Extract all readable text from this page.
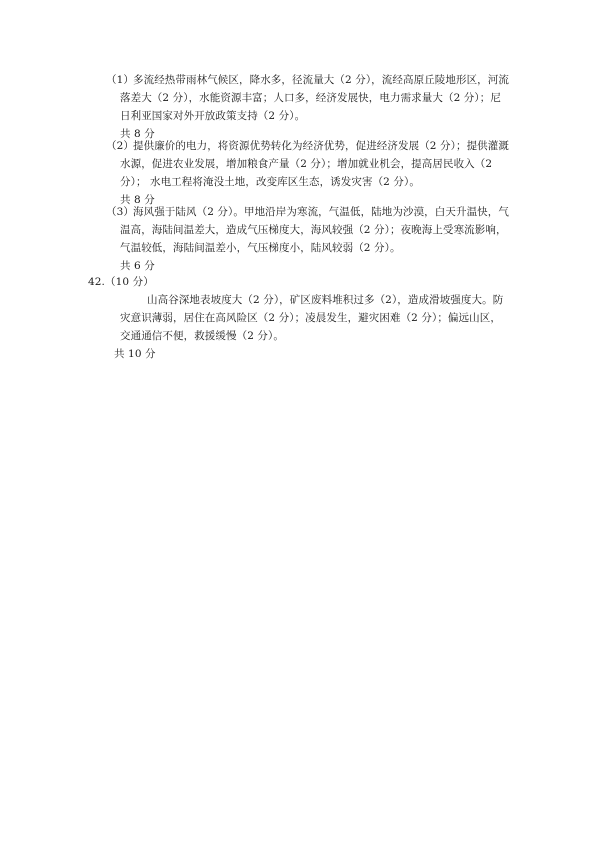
（1） 多流经热带雨林气候区，降水多，径流量大（2 分），流经高原丘陵地形区，河流
落差大（2 分），水能资源丰富；人口多，经济发展快，电力需求量大（2 分）；尼
日利亚国家对外开放政策支持（2 分）。
共 8 分
（2） 提供廉价的电力，将资源优势转化为经济优势，促进经济发展（2 分）；提供灌溉
水源，促进农业发展，增加粮食产量（2 分）；增加就业机会，提高居民收入（2
分）； 水电工程将淹没土地，改变库区生态，诱发灾害（2 分）。
共 8 分
（3） 海风强于陆风（2 分）。甲地沿岸为寒流，气温低，陆地为沙漠，白天升温快，气
温高，海陆间温差大，造成气压梯度大，海风较强（2 分）；夜晚海上受寒流影响，
气温较低，海陆间温差小，气压梯度小，陆风较弱（2 分）。
共 6 分
42.（10 分）
山高谷深地表坡度大（2 分），矿区废料堆积过多（2），造成滑坡强度大。防
灾意识薄弱，居住在高风险区（2 分）；凌晨发生，避灾困难（2 分）；偏远山区，
交通通信不便，救援缓慢（2 分）。
共 10 分
